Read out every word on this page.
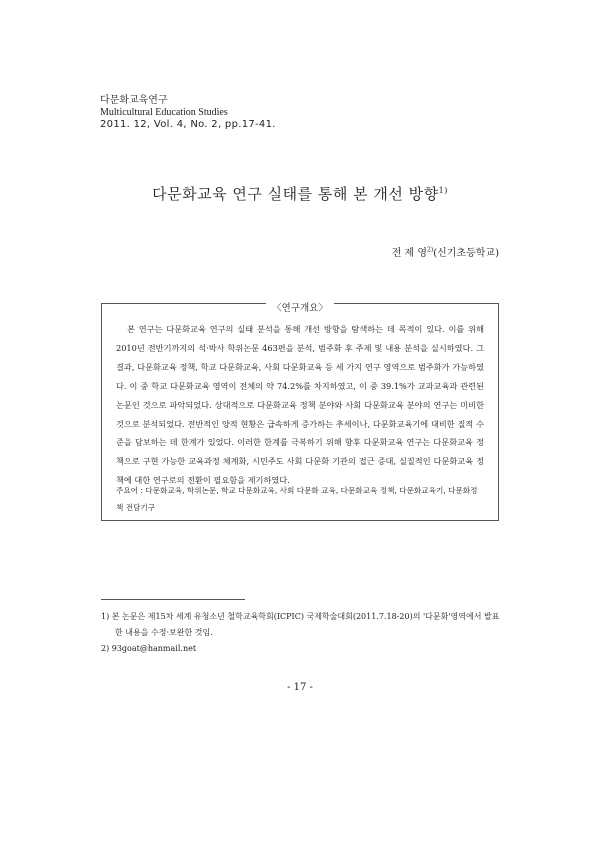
다문화교육연구
Multicultural Education Studies
2011. 12, Vol. 4, No. 2, pp.17-41.
다문화교육 연구 실태를 통해 본 개선 방향$^{1)}$
전 제 영$^{2)}$(신기초등학교)
〈연구개요〉
본 연구는 다문화교육 연구의 실태 분석을 통해 개선 방향을 탐색하는 데 목적이 있다. 이를 위해 2010년 전반기까지의 석·박사 학위논문 463편을 분석, 범주화 후 주제 및 내용 분석을 실시하였다. 그 결과, 다문화교육 정책, 학교 다문화교육, 사회 다문화교육 등 세 가지 연구 영역으로 범주화가 가능하였다. 이 중 학교 다문화교육 영역이 전체의 약 74.2%를 차지하였고, 이 중 39.1%가 교과교육과 관련된 논문인 것으로 파악되었다. 상대적으로 다문화교육 정책 분야와 사회 다문화교육 분야의 연구는 미비한 것으로 분석되었다. 전반적인 양적 현황은 급속하게 증가하는 추세이나, 다문화교육기에 대비한 질적 수준을 담보하는 데 한계가 있었다. 이러한 한계를 극복하기 위해 향후 다문화교육 연구는 다문화교육 정책으로 구현 가능한 교육과정 체계화, 시민주도 사회 다문화 기관의 접근 증대, 실질적인 다문화교육 정책에 대한 연구로의 전환이 필요함을 제기하였다.
주요어 : 다문화교육, 학위논문, 학교 다문화교육, 사회 다문화 교육, 다문화교육 정책, 다문화교육기, 다문화정책 전담기구
1) 본 논문은 제15차 세계 유청소년 철학교육학회(ICPIC) 국제학술대회(2011.7.18-20)의 '다문화'영역에서 발표한 내용을 수정·보완한 것임.
2) 93goat@hanmail.net
- 17 -
